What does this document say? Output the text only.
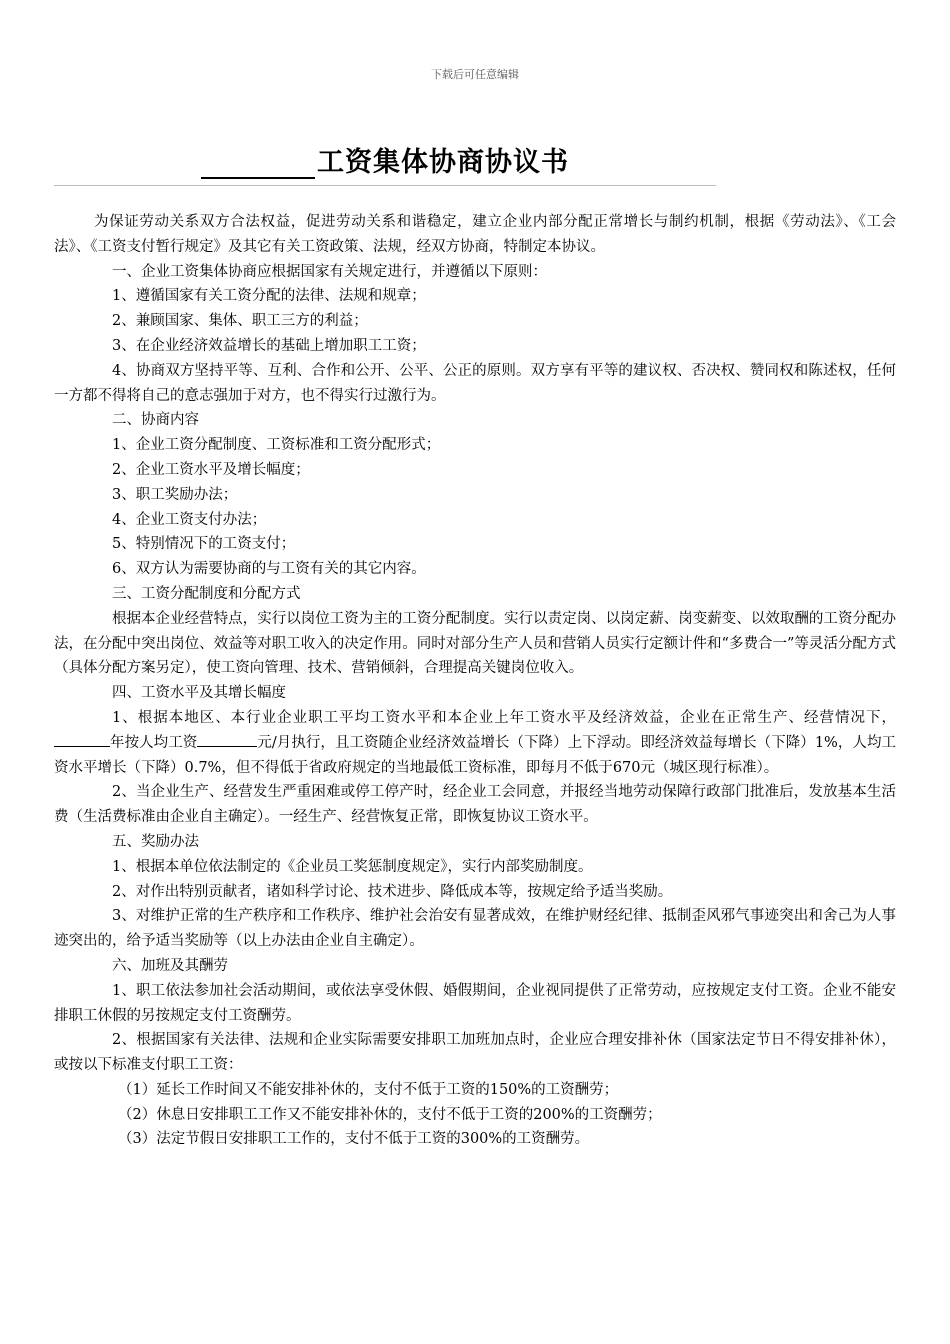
下载后可任意编辑
工资集体协商协议书

为保证劳动关系双方合法权益，促进劳动关系和谐稳定，建立企业内部分配正常增长与制约机制，根据《劳动法》、《工会法》、《工资支付暂行规定》及其它有关工资政策、法规，经双方协商，特制定本协议。

一、企业工资集体协商应根据国家有关规定进行，并遵循以下原则：

1、遵循国家有关工资分配的法律、法规和规章；

2、兼顾国家、集体、职工三方的利益；

3、在企业经济效益增长的基础上增加职工工资；

4、协商双方坚持平等、互利、合作和公开、公平、公正的原则。双方享有平等的建议权、否决权、赞同权和陈述权，任何一方都不得将自己的意志强加于对方，也不得实行过激行为。

二、协商内容

1、企业工资分配制度、工资标准和工资分配形式；

2、企业工资水平及增长幅度；

3、职工奖励办法；

4、企业工资支付办法；

5、特别情况下的工资支付；

6、双方认为需要协商的与工资有关的其它内容。

三、工资分配制度和分配方式

根据本企业经营特点，实行以岗位工资为主的工资分配制度。实行以责定岗、以岗定薪、岗变薪变、以效取酬的工资分配办法，在分配中突出岗位、效益等对职工收入的决定作用。同时对部分生产人员和营销人员实行定额计件和“多费合一”等灵活分配方式（具体分配方案另定），使工资向管理、技术、营销倾斜，合理提高关键岗位收入。

四、工资水平及其增长幅度

1、根据本地区、本行业企业职工平均工资水平和本企业上年工资水平及经济效益，企业在正常生产、经营情况下，年按人均工资	元/月执行，且工资随企业经济效益增长（下降）上下浮动。即经济效益每增长（下降）1%，人均工资水平增长（下降）0.7%，但不得低于省政府规定的当地最低工资标准，即每月不低于670元（城区现行标准）。

2、当企业生产、经营发生严重困难或停工停产时，经企业工会同意，并报经当地劳动保障行政部门批准后，发放基本生活费（生活费标准由企业自主确定）。一经生产、经营恢复正常，即恢复协议工资水平。

五、奖励办法

1、根据本单位依法制定的《企业员工奖惩制度规定》，实行内部奖励制度。

2、对作出特别贡献者，诸如科学讨论、技术进步、降低成本等，按规定给予适当奖励。

3、对维护正常的生产秩序和工作秩序、维护社会治安有显著成效，在维护财经纪律、抵制歪风邪气事迹突出和舍己为人事迹突出的，给予适当奖励等（以上办法由企业自主确定）。

六、加班及其酬劳

1、职工依法参加社会活动期间，或依法享受休假、婚假期间，企业视同提供了正常劳动，应按规定支付工资。企业不能安排职工休假的另按规定支付工资酬劳。

2、根据国家有关法律、法规和企业实际需要安排职工加班加点时，企业应合理安排补休（国家法定节日不得安排补休），或按以下标准支付职工工资：

（1）延长工作时间又不能安排补休的，支付不低于工资的150%的工资酬劳；

（2）休息日安排职工工作又不能安排补休的，支付不低于工资的200%的工资酬劳；

（3）法定节假日安排职工工作的，支付不低于工资的300%的工资酬劳。
